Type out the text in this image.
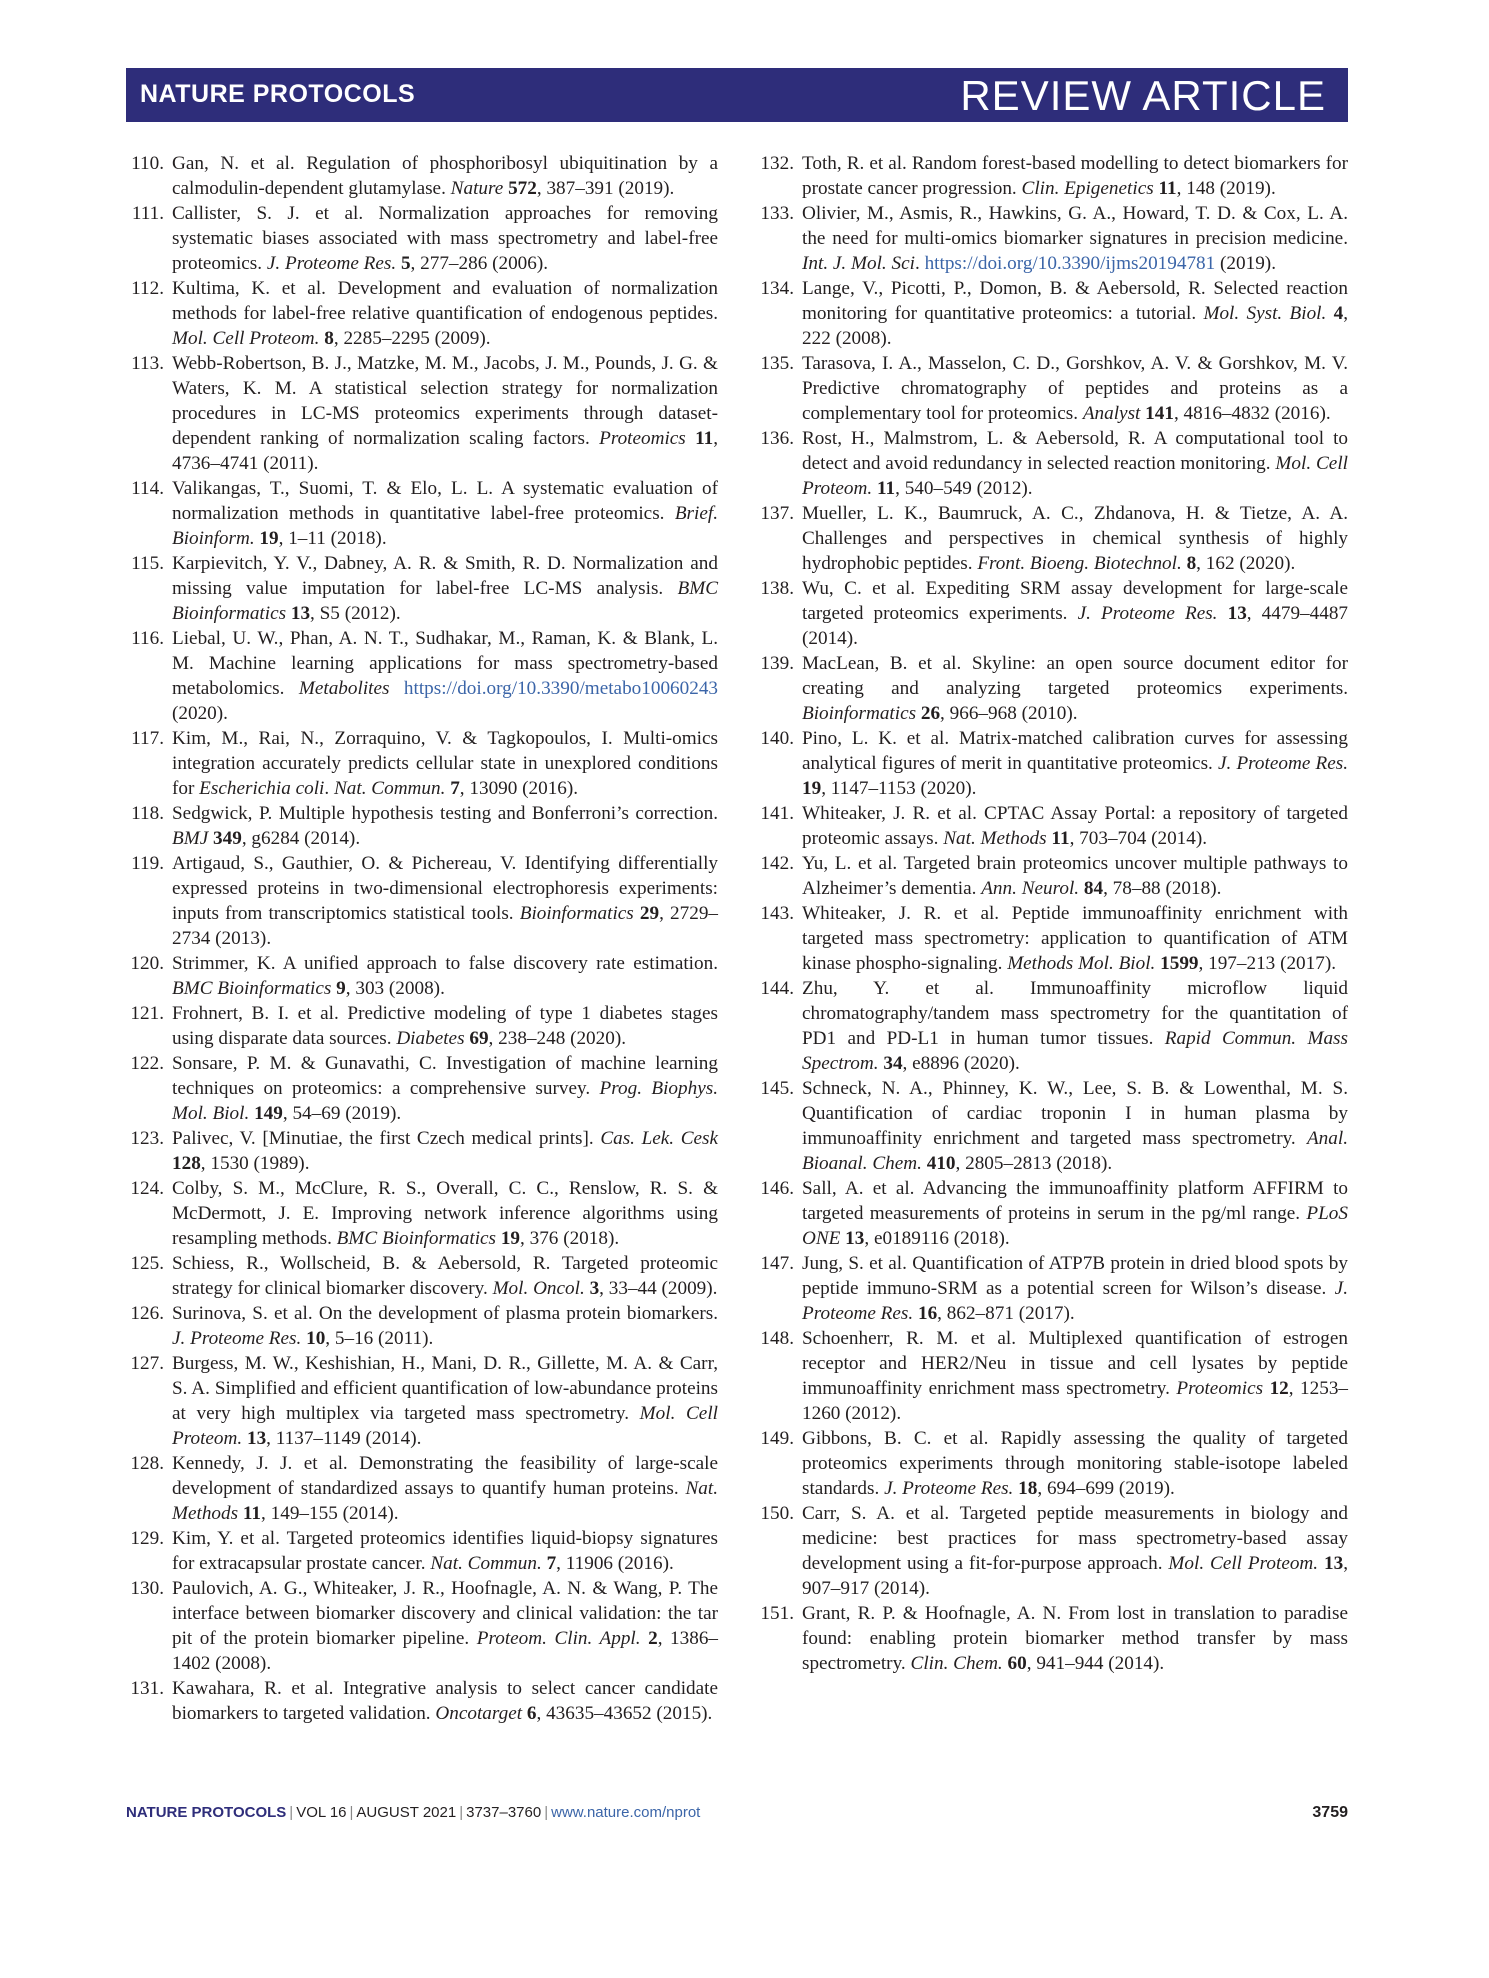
NATURE PROTOCOLS	REVIEW ARTICLE
110. Gan, N. et al. Regulation of phosphoribosyl ubiquitination by a calmodulin-dependent glutamylase. Nature 572, 387–391 (2019).
111. Callister, S. J. et al. Normalization approaches for removing systematic biases associated with mass spectrometry and label-free proteomics. J. Proteome Res. 5, 277–286 (2006).
112. Kultima, K. et al. Development and evaluation of normalization methods for label-free relative quantification of endogenous peptides. Mol. Cell Proteom. 8, 2285–2295 (2009).
113. Webb-Robertson, B. J., Matzke, M. M., Jacobs, J. M., Pounds, J. G. & Waters, K. M. A statistical selection strategy for normalization procedures in LC-MS proteomics experiments through dataset-dependent ranking of normalization scaling factors. Proteomics 11, 4736–4741 (2011).
114. Valikangas, T., Suomi, T. & Elo, L. L. A systematic evaluation of normalization methods in quantitative label-free proteomics. Brief. Bioinform. 19, 1–11 (2018).
115. Karpievitch, Y. V., Dabney, A. R. & Smith, R. D. Normalization and missing value imputation for label-free LC-MS analysis. BMC Bioinformatics 13, S5 (2012).
116. Liebal, U. W., Phan, A. N. T., Sudhakar, M., Raman, K. & Blank, L. M. Machine learning applications for mass spectrometry-based metabolomics. Metabolites https://doi.org/10.3390/metabo10060243 (2020).
117. Kim, M., Rai, N., Zorraquino, V. & Tagkopoulos, I. Multi-omics integration accurately predicts cellular state in unexplored conditions for Escherichia coli. Nat. Commun. 7, 13090 (2016).
118. Sedgwick, P. Multiple hypothesis testing and Bonferroni’s correction. BMJ 349, g6284 (2014).
119. Artigaud, S., Gauthier, O. & Pichereau, V. Identifying differentially expressed proteins in two-dimensional electrophoresis experiments: inputs from transcriptomics statistical tools. Bioinformatics 29, 2729–2734 (2013).
120. Strimmer, K. A unified approach to false discovery rate estimation. BMC Bioinformatics 9, 303 (2008).
121. Frohnert, B. I. et al. Predictive modeling of type 1 diabetes stages using disparate data sources. Diabetes 69, 238–248 (2020).
122. Sonsare, P. M. & Gunavathi, C. Investigation of machine learning techniques on proteomics: a comprehensive survey. Prog. Biophys. Mol. Biol. 149, 54–69 (2019).
123. Palivec, V. [Minutiae, the first Czech medical prints]. Cas. Lek. Cesk 128, 1530 (1989).
124. Colby, S. M., McClure, R. S., Overall, C. C., Renslow, R. S. & McDermott, J. E. Improving network inference algorithms using resampling methods. BMC Bioinformatics 19, 376 (2018).
125. Schiess, R., Wollscheid, B. & Aebersold, R. Targeted proteomic strategy for clinical biomarker discovery. Mol. Oncol. 3, 33–44 (2009).
126. Surinova, S. et al. On the development of plasma protein biomarkers. J. Proteome Res. 10, 5–16 (2011).
127. Burgess, M. W., Keshishian, H., Mani, D. R., Gillette, M. A. & Carr, S. A. Simplified and efficient quantification of low-abundance proteins at very high multiplex via targeted mass spectrometry. Mol. Cell Proteom. 13, 1137–1149 (2014).
128. Kennedy, J. J. et al. Demonstrating the feasibility of large-scale development of standardized assays to quantify human proteins. Nat. Methods 11, 149–155 (2014).
129. Kim, Y. et al. Targeted proteomics identifies liquid-biopsy signatures for extracapsular prostate cancer. Nat. Commun. 7, 11906 (2016).
130. Paulovich, A. G., Whiteaker, J. R., Hoofnagle, A. N. & Wang, P. The interface between biomarker discovery and clinical validation: the tar pit of the protein biomarker pipeline. Proteom. Clin. Appl. 2, 1386–1402 (2008).
131. Kawahara, R. et al. Integrative analysis to select cancer candidate biomarkers to targeted validation. Oncotarget 6, 43635–43652 (2015).
132. Toth, R. et al. Random forest-based modelling to detect biomarkers for prostate cancer progression. Clin. Epigenetics 11, 148 (2019).
133. Olivier, M., Asmis, R., Hawkins, G. A., Howard, T. D. & Cox, L. A. the need for multi-omics biomarker signatures in precision medicine. Int. J. Mol. Sci. https://doi.org/10.3390/ijms20194781 (2019).
134. Lange, V., Picotti, P., Domon, B. & Aebersold, R. Selected reaction monitoring for quantitative proteomics: a tutorial. Mol. Syst. Biol. 4, 222 (2008).
135. Tarasova, I. A., Masselon, C. D., Gorshkov, A. V. & Gorshkov, M. V. Predictive chromatography of peptides and proteins as a complementary tool for proteomics. Analyst 141, 4816–4832 (2016).
136. Rost, H., Malmstrom, L. & Aebersold, R. A computational tool to detect and avoid redundancy in selected reaction monitoring. Mol. Cell Proteom. 11, 540–549 (2012).
137. Mueller, L. K., Baumruck, A. C., Zhdanova, H. & Tietze, A. A. Challenges and perspectives in chemical synthesis of highly hydrophobic peptides. Front. Bioeng. Biotechnol. 8, 162 (2020).
138. Wu, C. et al. Expediting SRM assay development for large-scale targeted proteomics experiments. J. Proteome Res. 13, 4479–4487 (2014).
139. MacLean, B. et al. Skyline: an open source document editor for creating and analyzing targeted proteomics experiments. Bioinformatics 26, 966–968 (2010).
140. Pino, L. K. et al. Matrix-matched calibration curves for assessing analytical figures of merit in quantitative proteomics. J. Proteome Res. 19, 1147–1153 (2020).
141. Whiteaker, J. R. et al. CPTAC Assay Portal: a repository of targeted proteomic assays. Nat. Methods 11, 703–704 (2014).
142. Yu, L. et al. Targeted brain proteomics uncover multiple pathways to Alzheimer’s dementia. Ann. Neurol. 84, 78–88 (2018).
143. Whiteaker, J. R. et al. Peptide immunoaffinity enrichment with targeted mass spectrometry: application to quantification of ATM kinase phospho-signaling. Methods Mol. Biol. 1599, 197–213 (2017).
144. Zhu, Y. et al. Immunoaffinity microflow liquid chromatography/tandem mass spectrometry for the quantitation of PD1 and PD-L1 in human tumor tissues. Rapid Commun. Mass Spectrom. 34, e8896 (2020).
145. Schneck, N. A., Phinney, K. W., Lee, S. B. & Lowenthal, M. S. Quantification of cardiac troponin I in human plasma by immunoaffinity enrichment and targeted mass spectrometry. Anal. Bioanal. Chem. 410, 2805–2813 (2018).
146. Sall, A. et al. Advancing the immunoaffinity platform AFFIRM to targeted measurements of proteins in serum in the pg/ml range. PLoS ONE 13, e0189116 (2018).
147. Jung, S. et al. Quantification of ATP7B protein in dried blood spots by peptide immuno-SRM as a potential screen for Wilson’s disease. J. Proteome Res. 16, 862–871 (2017).
148. Schoenherr, R. M. et al. Multiplexed quantification of estrogen receptor and HER2/Neu in tissue and cell lysates by peptide immunoaffinity enrichment mass spectrometry. Proteomics 12, 1253–1260 (2012).
149. Gibbons, B. C. et al. Rapidly assessing the quality of targeted proteomics experiments through monitoring stable-isotope labeled standards. J. Proteome Res. 18, 694–699 (2019).
150. Carr, S. A. et al. Targeted peptide measurements in biology and medicine: best practices for mass spectrometry-based assay development using a fit-for-purpose approach. Mol. Cell Proteom. 13, 907–917 (2014).
151. Grant, R. P. & Hoofnagle, A. N. From lost in translation to paradise found: enabling protein biomarker method transfer by mass spectrometry. Clin. Chem. 60, 941–944 (2014).
NATURE PROTOCOLS | VOL 16 | AUGUST 2021 | 3737–3760 | www.nature.com/nprot	3759
